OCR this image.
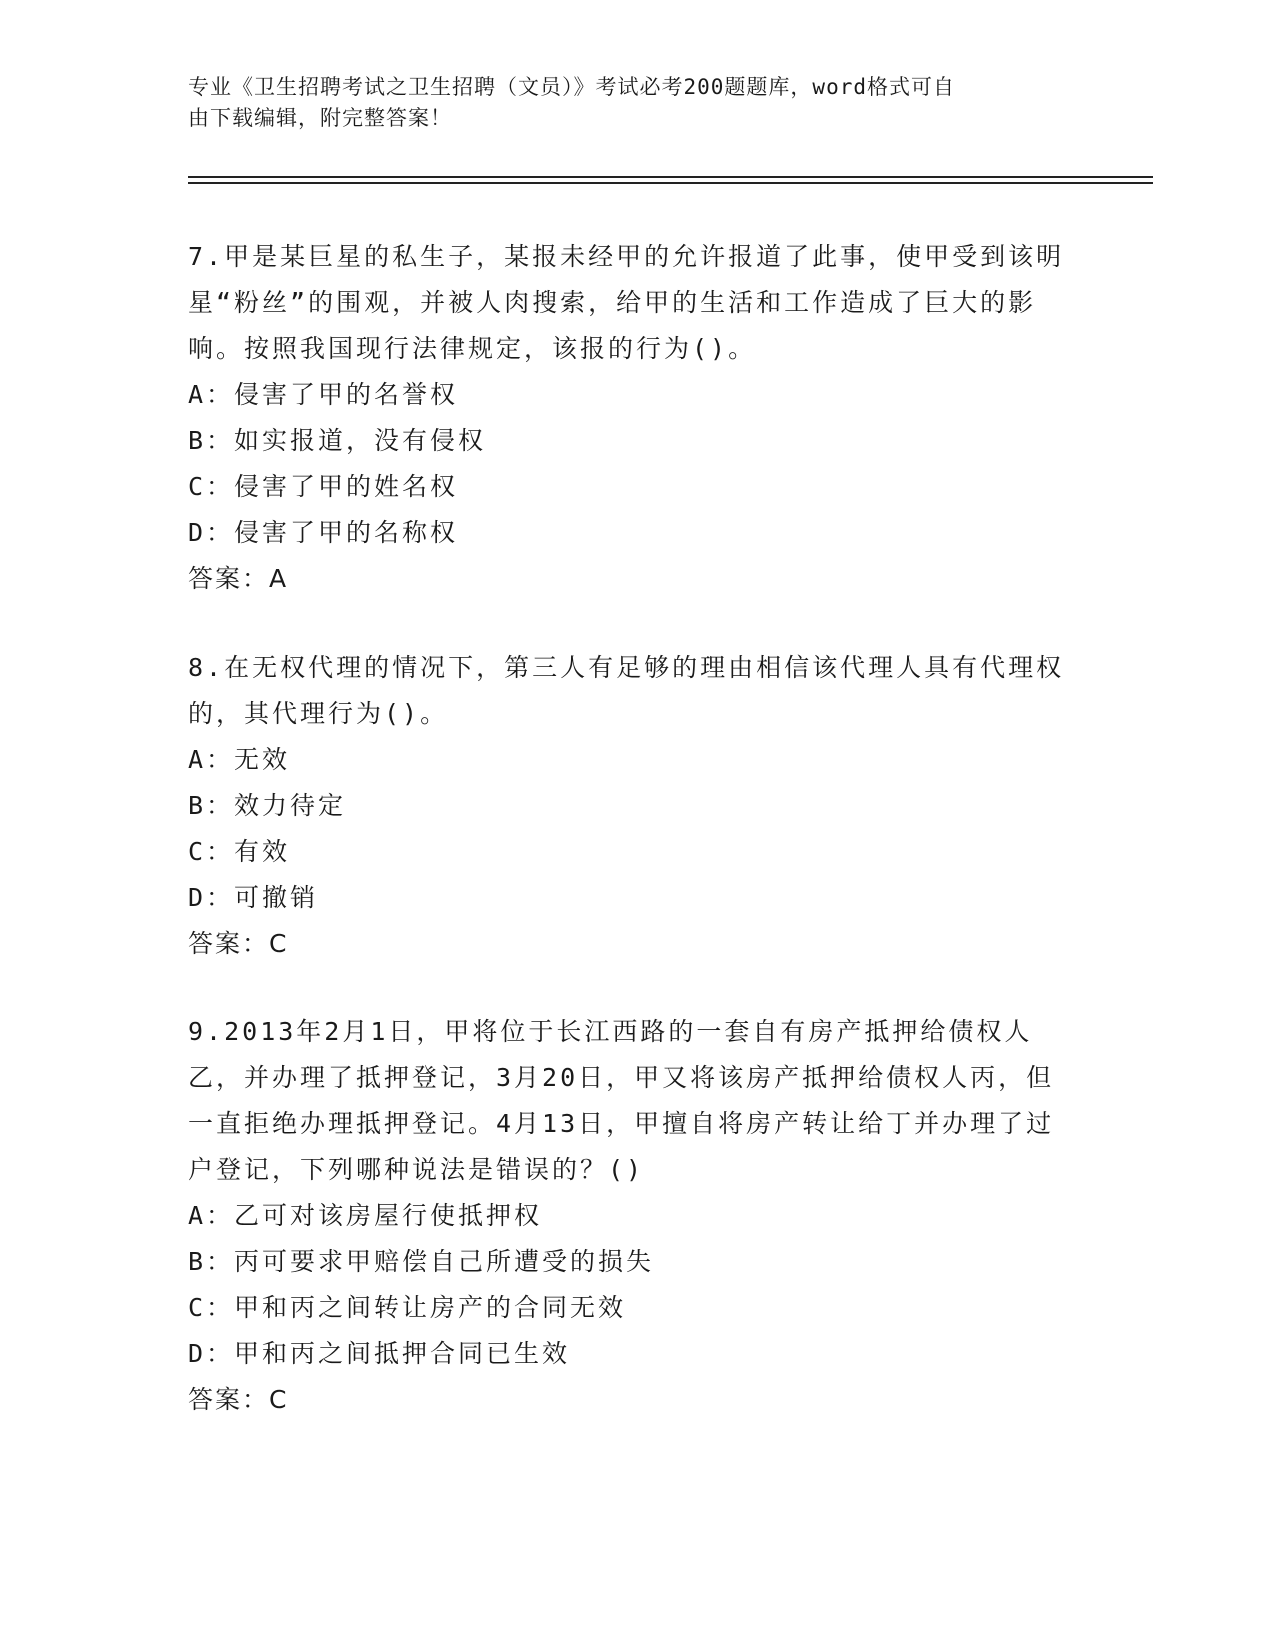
专业《卫生招聘考试之卫生招聘（文员）》考试必考200题题库，word格式可自
由下载编辑，附完整答案！
7.甲是某巨星的私生子，某报未经甲的允许报道了此事，使甲受到该明星“粉丝”的围观，并被人肉搜索，给甲的生活和工作造成了巨大的影响。按照我国现行法律规定，该报的行为()。
A：侵害了甲的名誉权
B：如实报道，没有侵权
C：侵害了甲的姓名权
D：侵害了甲的名称权
答案：A
8.在无权代理的情况下，第三人有足够的理由相信该代理人具有代理权的，其代理行为()。
A：无效
B：效力待定
C：有效
D：可撤销
答案：C
9.2013年2月1日，甲将位于长江西路的一套自有房产抵押给债权人乙，并办理了抵押登记，3月20日，甲又将该房产抵押给债权人丙，但一直拒绝办理抵押登记。4月13日，甲擅自将房产转让给丁并办理了过户登记，下列哪种说法是错误的？()
A：乙可对该房屋行使抵押权
B：丙可要求甲赔偿自己所遭受的损失
C：甲和丙之间转让房产的合同无效
D：甲和丙之间抵押合同已生效
答案：C
